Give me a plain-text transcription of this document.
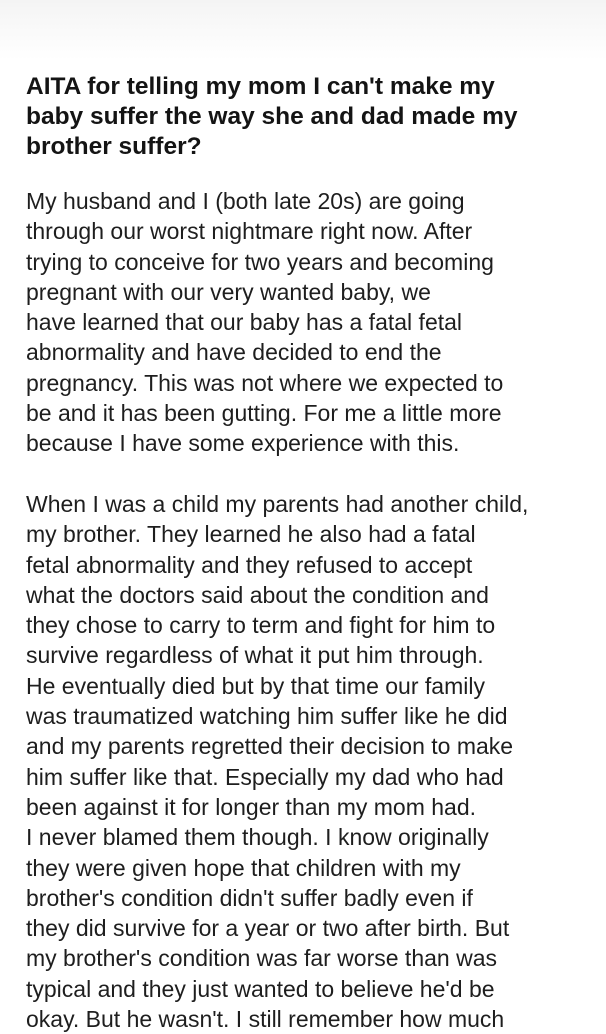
AITA for telling my mom I can't make my
baby suffer the way she and dad made my
brother suffer?
My husband and I (both late 20s) are going
through our worst nightmare right now. After
trying to conceive for two years and becoming
pregnant with our very wanted baby, we
have learned that our baby has a fatal fetal
abnormality and have decided to end the
pregnancy. This was not where we expected to
be and it has been gutting. For me a little more
because I have some experience with this.
When I was a child my parents had another child,
my brother. They learned he also had a fatal
fetal abnormality and they refused to accept
what the doctors said about the condition and
they chose to carry to term and fight for him to
survive regardless of what it put him through.
He eventually died but by that time our family
was traumatized watching him suffer like he did
and my parents regretted their decision to make
him suffer like that. Especially my dad who had
been against it for longer than my mom had.
I never blamed them though. I know originally
they were given hope that children with my
brother's condition didn't suffer badly even if
they did survive for a year or two after birth. But
my brother's condition was far worse than was
typical and they just wanted to believe he'd be
okay. But he wasn't. I still remember how much
